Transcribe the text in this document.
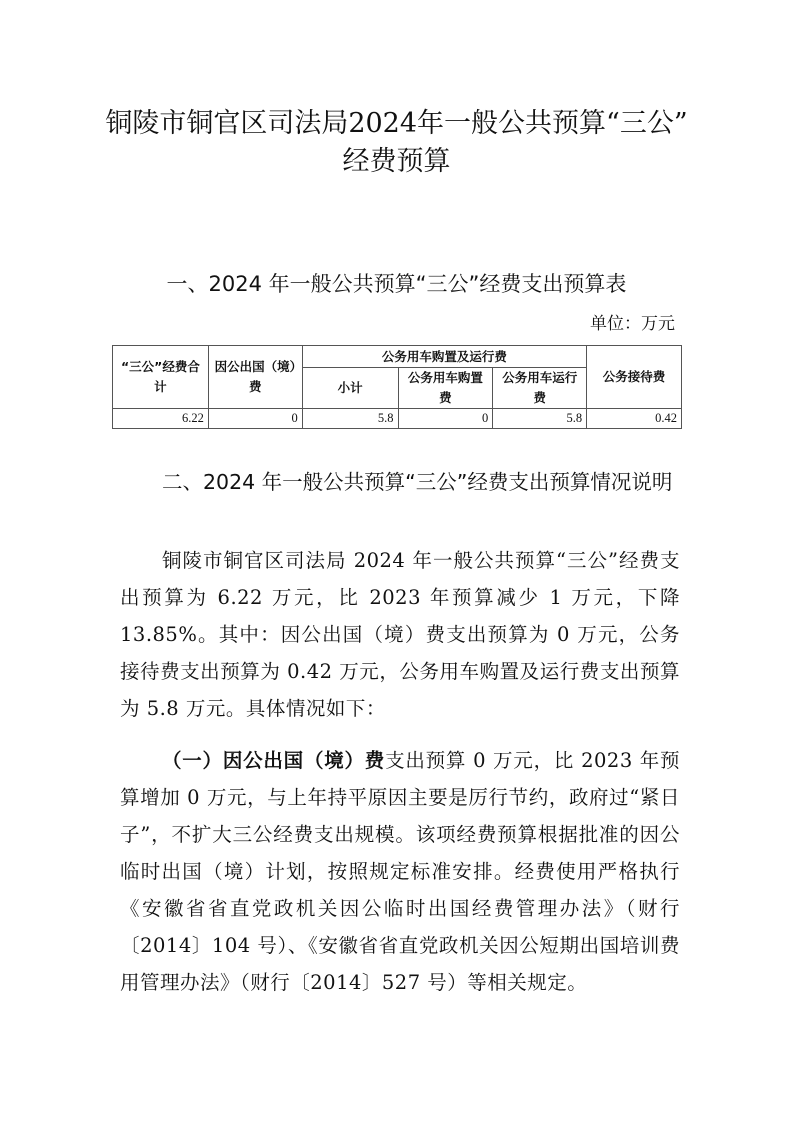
铜陵市铜官区司法局2024年一般公共预算“三公”
经费预算
一、2024 年一般公共预算“三公”经费支出预算表
单位：万元
“三公”经费合计	因公出国（境）费	公务用车购置及运行费			公务接待费
		小计	公务用车购置费	公务用车运行费	
6.22	0	5.8	0	5.8	0.42
二、2024 年一般公共预算“三公”经费支出预算情况说明
铜陵市铜官区司法局 2024 年一般公共预算“三公”经费支出预算为 6.22 万元，比 2023 年预算减少 1 万元，下降 13.85%。其中：因公出国（境）费支出预算为 0 万元，公务接待费支出预算为 0.42 万元，公务用车购置及运行费支出预算为 5.8 万元。具体情况如下：
（一）因公出国（境）费支出预算 0 万元，比 2023 年预算增加 0 万元，与上年持平原因主要是厉行节约，政府过“紧日子”，不扩大三公经费支出规模。该项经费预算根据批准的因公临时出国（境）计划，按照规定标准安排。经费使用严格执行《安徽省省直党政机关因公临时出国经费管理办法》（财行〔2014〕104 号）、《安徽省省直党政机关因公短期出国培训费用管理办法》（财行〔2014〕527 号）等相关规定。
